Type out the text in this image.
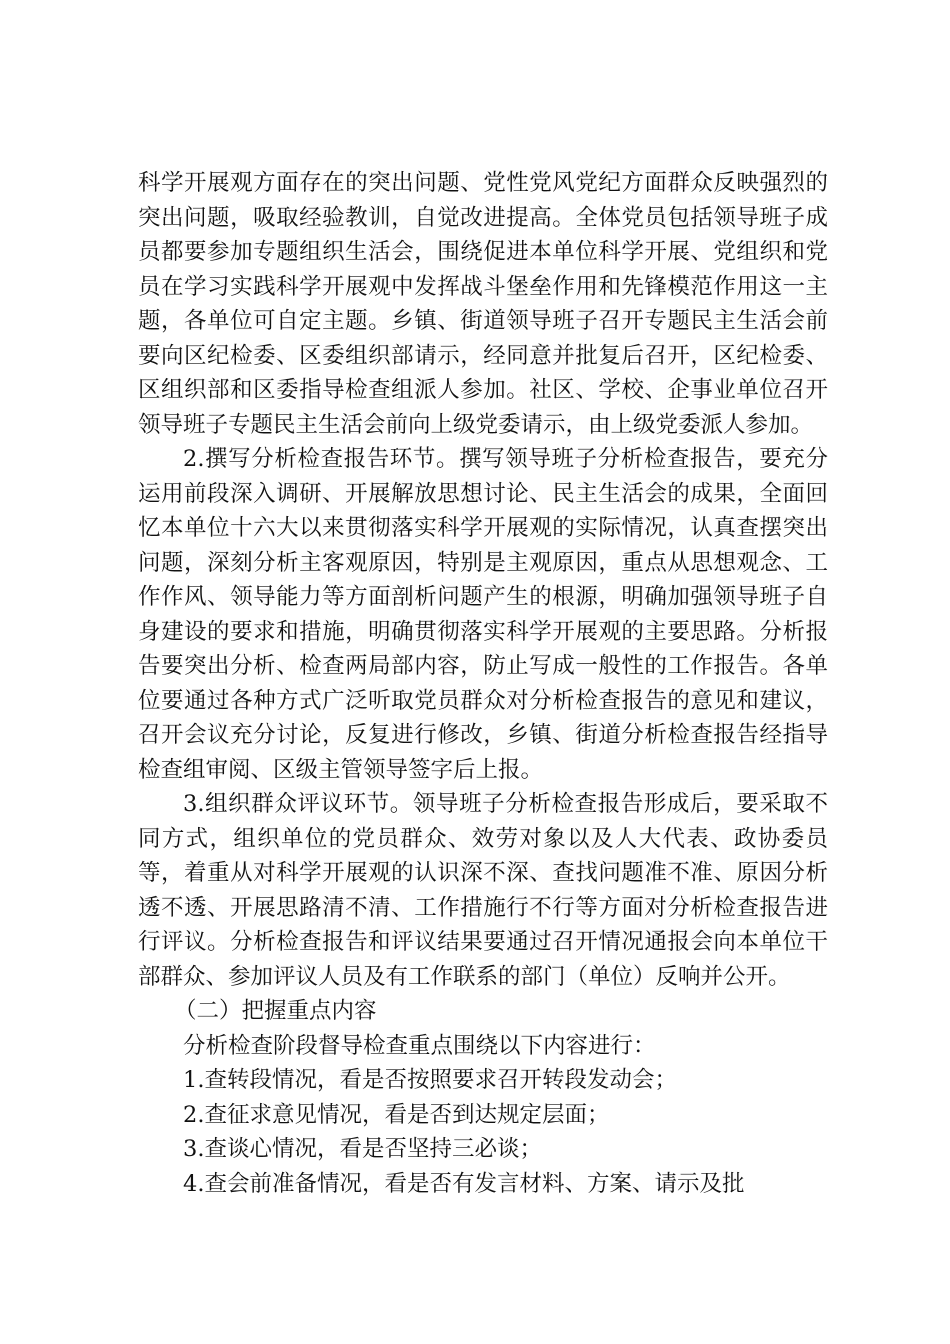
科学开展观方面存在的突出问题、党性党风党纪方面群众反映强烈的突出问题，吸取经验教训，自觉改进提高。全体党员包括领导班子成员都要参加专题组织生活会，围绕促进本单位科学开展、党组织和党员在学习实践科学开展观中发挥战斗堡垒作用和先锋模范作用这一主题，各单位可自定主题。乡镇、街道领导班子召开专题民主生活会前要向区纪检委、区委组织部请示，经同意并批复后召开，区纪检委、区组织部和区委指导检查组派人参加。社区、学校、企事业单位召开领导班子专题民主生活会前向上级党委请示，由上级党委派人参加。

2.撰写分析检查报告环节。撰写领导班子分析检查报告，要充分运用前段深入调研、开展解放思想讨论、民主生活会的成果，全面回忆本单位十六大以来贯彻落实科学开展观的实际情况，认真查摆突出问题，深刻分析主客观原因，特别是主观原因，重点从思想观念、工作作风、领导能力等方面剖析问题产生的根源，明确加强领导班子自身建设的要求和措施，明确贯彻落实科学开展观的主要思路。分析报告要突出分析、检查两局部内容，防止写成一般性的工作报告。各单位要通过各种方式广泛听取党员群众对分析检查报告的意见和建议，召开会议充分讨论，反复进行修改，乡镇、街道分析检查报告经指导检查组审阅、区级主管领导签字后上报。

3.组织群众评议环节。领导班子分析检查报告形成后，要采取不同方式，组织单位的党员群众、效劳对象以及人大代表、政协委员等，着重从对科学开展观的认识深不深、查找问题准不准、原因分析透不透、开展思路清不清、工作措施行不行等方面对分析检查报告进行评议。分析检查报告和评议结果要通过召开情况通报会向本单位干部群众、参加评议人员及有工作联系的部门（单位）反响并公开。

（二）把握重点内容

分析检查阶段督导检查重点围绕以下内容进行：

1.查转段情况，看是否按照要求召开转段发动会；

2.查征求意见情况，看是否到达规定层面；

3.查谈心情况，看是否坚持三必谈；

4.查会前准备情况，看是否有发言材料、方案、请示及批
